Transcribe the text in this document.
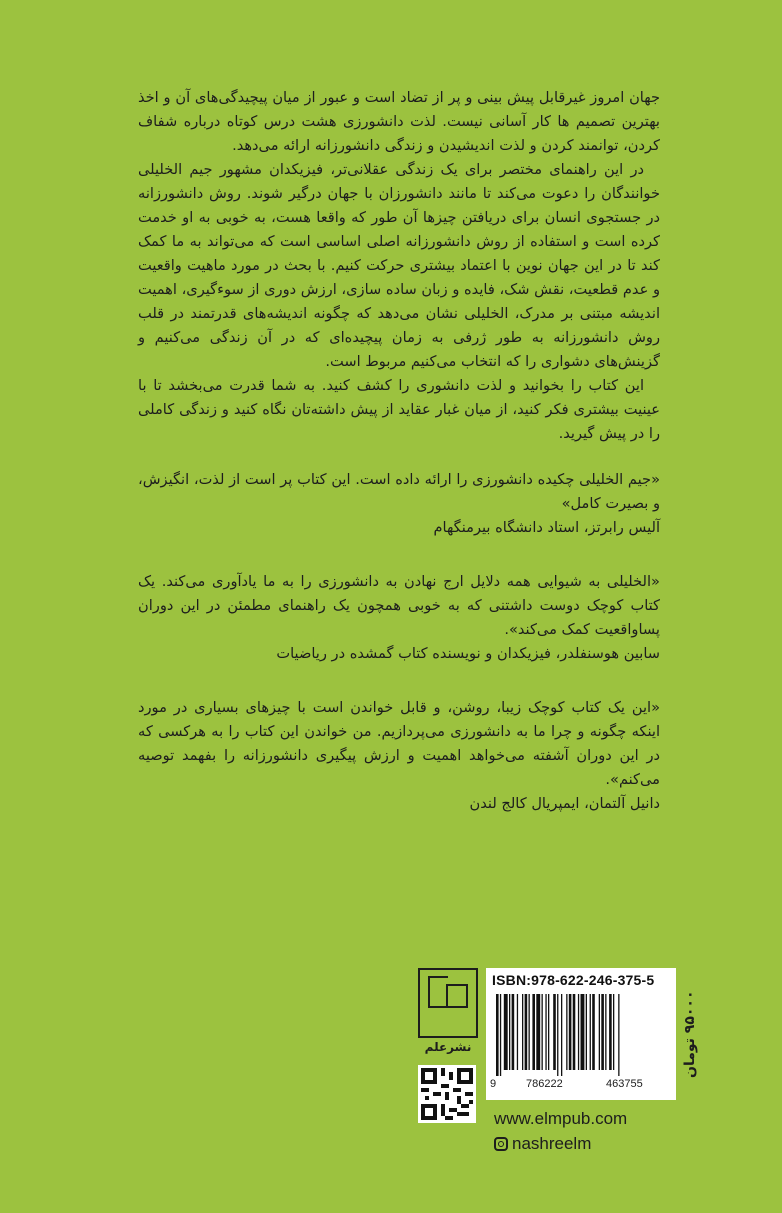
جهان امروز غیرقابل پیش بینی و پر از تضاد است و عبور از میان پیچیدگی‌های آن و اخذ بهترین تصمیم ها کار آسانی نیست. لذت دانشورزی هشت درس کوتاه درباره شفاف کردن، توانمند کردن و لذت اندیشیدن و زندگی دانشورزانه ارائه می‌دهد.

در این راهنمای مختصر برای یک زندگی عقلانی‌تر، فیزیکدان مشهور جیم الخلیلی خوانندگان را دعوت می‌کند تا مانند دانشورزان با جهان درگیر شوند. روش دانشورزانه در جستجوی انسان برای دریافتن چیزها آن طور که واقعا هست، به خوبی به او خدمت کرده است و استفاده از روش دانشورزانه اصلی اساسی است که می‌تواند به ما کمک کند تا در این جهان نوین با اعتماد بیشتری حرکت کنیم. با بحث در مورد ماهیت واقعیت و عدم قطعیت، نقش شک، فایده و زبان ساده سازی، ارزش دوری از سوء‌گیری، اهمیت اندیشه مبتنی بر مدرک، الخلیلی نشان می‌دهد که چگونه اندیشه‌های قدرتمند در قلب روش دانشورزانه به طور ژرفی به زمان پیچیده‌ای که در آن زندگی می‌کنیم و گزینش‌های دشواری را که انتخاب می‌کنیم مربوط است.

این کتاب را بخوانید و لذت دانشوری را کشف کنید. به شما قدرت می‌بخشد تا با عینیت بیشتری فکر کنید، از میان غبار عقاید از پیش داشته‌تان نگاه کنید و زندگی کاملی را در پیش گیرید.

«جیم الخلیلی چکیده دانشورزی را ارائه داده است. این کتاب پر است از لذت، انگیزش، و بصیرت کامل»

آلیس رابرتز، استاد دانشگاه بیرمنگهام

«الخلیلی به شیوایی همه دلایل ارج نهادن به دانشورزی را به ما یادآوری می‌کند. یک کتاب کوچک دوست داشتنی که به خوبی همچون یک راهنمای مطمئن در این دوران پساواقعیت کمک می‌کند».

سابین هوسنفلدر، فیزیکدان و نویسنده کتاب گمشده در ریاضیات

«این یک کتاب کوچک زیبا، روشن، و قابل خواندن است با چیزهای بسیاری در مورد اینکه چگونه و چرا ما به دانشورزی می‌پردازیم. من خواندن این کتاب را به هرکسی که در این دوران آشفته می‌خواهد اهمیت و ارزش پیگیری دانشورزانه را بفهمد توصیه می‌کنم».

دانیل آلتمان، ایمپریال کالج لندن

نشرعلم
ISBN:978-622-246-375-5
9	786222	463755
۹۵۰۰۰ تومان
www.elmpub.com
nashreelm
